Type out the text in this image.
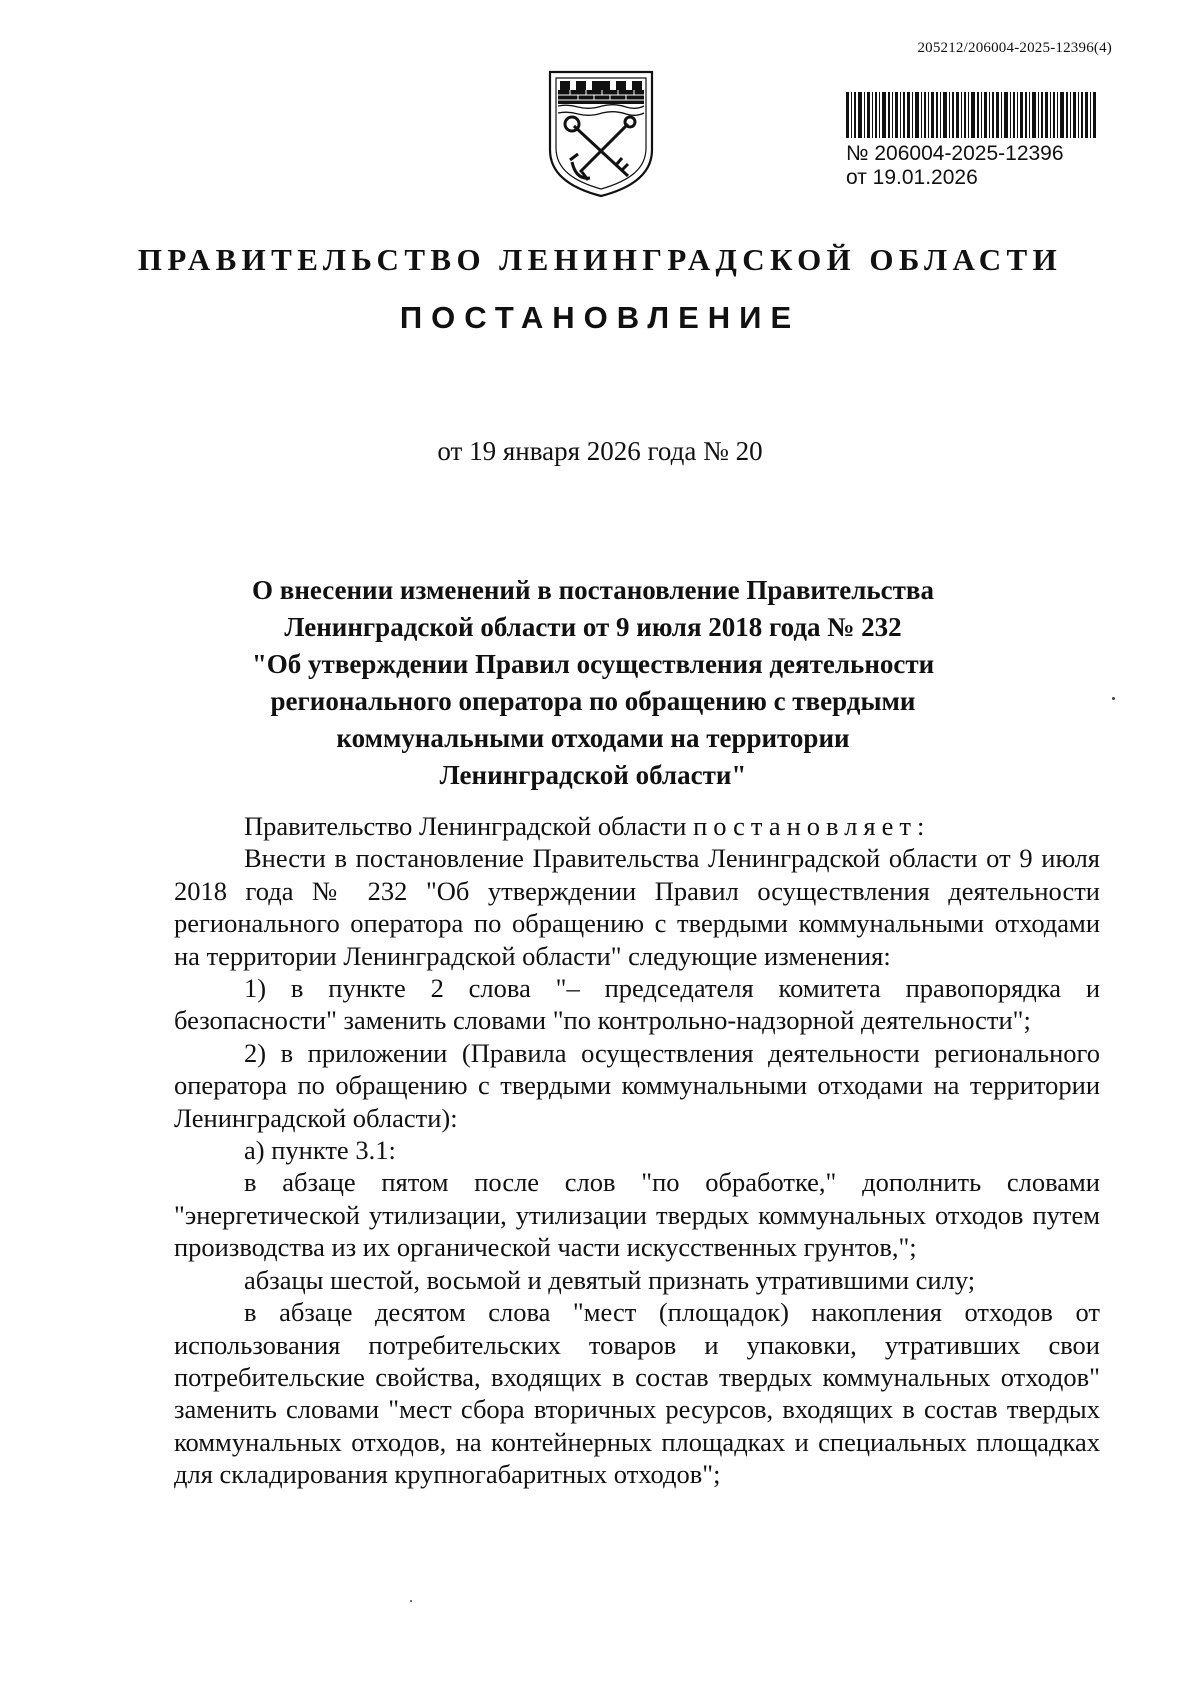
205212/206004-2025-12396(4)
№ 206004-2025-12396
от 19.01.2026
ПРАВИТЕЛЬСТВО ЛЕНИНГРАДСКОЙ ОБЛАСТИ
ПОСТАНОВЛЕНИЕ
от 19 января 2026 года № 20
О внесении изменений в постановление Правительства
Ленинградской области от 9 июля 2018 года № 232
"Об утверждении Правил осуществления деятельности
регионального оператора по обращению с твердыми
коммунальными отходами на территории
Ленинградской области"

Правительство Ленинградской области постановляет:

Внести в постановление Правительства Ленинградской области от 9 июля 2018 года № 232 "Об утверждении Правил осуществления деятельности регионального оператора по обращению с твердыми коммунальными отходами на территории Ленинградской области" следующие изменения:

1) в пункте 2 слова "– председателя комитета правопорядка и безопасности" заменить словами "по контрольно-надзорной деятельности";

2) в приложении (Правила осуществления деятельности регионального оператора по обращению с твердыми коммунальными отходами на территории Ленинградской области):

а) пункте 3.1:

в абзаце пятом после слов "по обработке," дополнить словами "энергетической утилизации, утилизации твердых коммунальных отходов путем производства из их органической части искусственных грунтов,";

абзацы шестой, восьмой и девятый признать утратившими силу;

в абзаце десятом слова "мест (площадок) накопления отходов от использования потребительских товаров и упаковки, утративших свои потребительские свойства, входящих в состав твердых коммунальных отходов" заменить словами "мест сбора вторичных ресурсов, входящих в состав твердых коммунальных отходов, на контейнерных площадках и специальных площадках для складирования крупногабаритных отходов";
